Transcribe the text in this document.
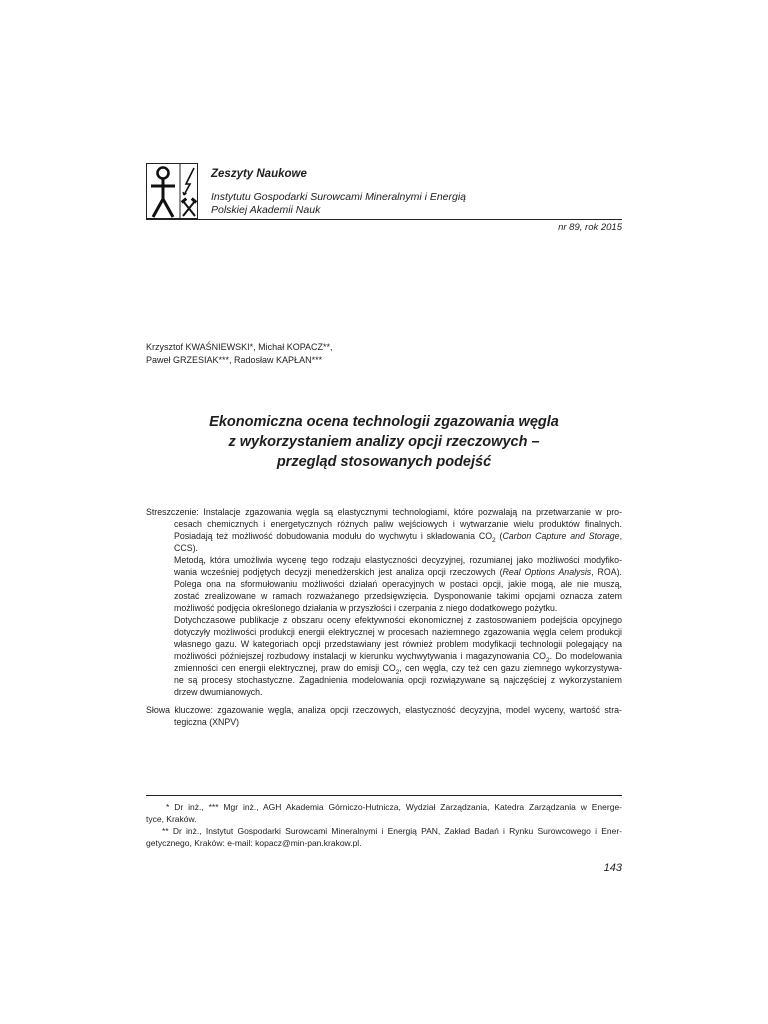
Zeszyty Naukowe
Instytutu Gospodarki Surowcami Mineralnymi i Energią
Polskiej Akademii Nauk
nr 89, rok 2015
Krzysztof KWAŚNIEWSKI*, Michał KOPACZ**,
Paweł GRZESIAK***, Radosław KAPŁAN***
Ekonomiczna ocena technologii zgazowania węgla
z wykorzystaniem analizy opcji rzeczowych –
przegląd stosowanych podejść
Streszczenie: Instalacje zgazowania węgla są elastycznymi technologiami, które pozwalają na przetwarzanie w pro-
cesach chemicznych i energetycznych różnych paliw wejściowych i wytwarzanie wielu produktów finalnych.
Posiadają też możliwość dobudowania modułu do wychwytu i składowania $CO_2$ (Carbon Capture and Storage,
CCS).
Metodą, która umożliwia wycenę tego rodzaju elastyczności decyzyjnej, rozumianej jako możliwości modyfiko-
wania wcześniej podjętych decyzji menedżerskich jest analiza opcji rzeczowych (Real Options Analysis, ROA).
Polega ona na sformułowaniu możliwości działań operacyjnych w postaci opcji, jakie mogą, ale nie muszą,
zostać zrealizowane w ramach rozważanego przedsięwzięcia. Dysponowanie takimi opcjami oznacza zatem
możliwość podjęcia określonego działania w przyszłości i czerpania z niego dodatkowego pożytku.
Dotychczasowe publikacje z obszaru oceny efektywności ekonomicznej z zastosowaniem podejścia opcyjnego
dotyczyły możliwości produkcji energii elektrycznej w procesach naziemnego zgazowania węgla celem produkcji
własnego gazu. W kategoriach opcji przedstawiany jest również problem modyfikacji technologii polegający na
możliwości późniejszej rozbudowy instalacji w kierunku wychwytywania i magazynowania $CO_2$. Do modelowania
zmienności cen energii elektrycznej, praw do emisji $CO_2$, cen węgla, czy też cen gazu ziemnego wykorzystywa-
ne są procesy stochastyczne. Zagadnienia modelowania opcji rozwiązywane są najczęściej z wykorzystaniem
drzew dwumianowych.
Słowa kluczowe: zgazowanie węgla, analiza opcji rzeczowych, elastyczność decyzyjna, model wyceny, wartość stra-
tegiczna (XNPV)
* Dr inż., *** Mgr inż., AGH Akademia Górniczo-Hutnicza, Wydział Zarządzania, Katedra Zarządzania w Energe-
tyce, Kraków.
** Dr inż., Instytut Gospodarki Surowcami Mineralnymi i Energią PAN, Zakład Badań i Rynku Surowcowego i Ener-
getycznego, Kraków: e-mail: kopacz@min-pan.krakow.pl.
143
